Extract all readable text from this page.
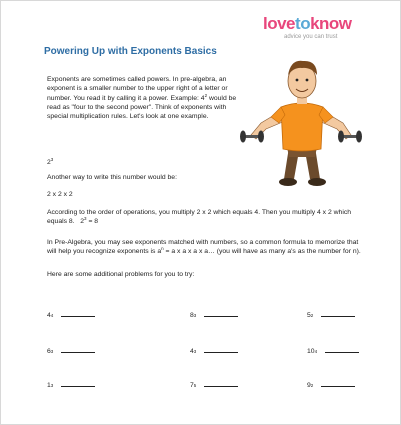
lovetoknow
advice you can trust
Powering Up with Exponents Basics

Exponents are sometimes called powers. In pre-algebra, an exponent is a smaller number to the upper right of a letter or number. You read it by calling it a power. Example: $4^2$ would be read as "four to the second power". Think of exponents with special multiplication rules. Let's look at one example.

$2^3$

Another way to write this number would be:

2 x 2 x 2

According to the order of operations, you multiply 2 x 2 which equals 4. Then you multiply 4 x 2 which equals 8. $2^3 = 8$

In Pre-Algebra, you may see exponents matched with numbers, so a common formula to memorize that will help you recognize exponents is $a^n = a$ x a x a x a… (you will have as many a's as the number for n).

Here are some additional problems for you to try:

4 4	8 3	5 2
6 3	4 3	10 4
1 3	7 5	9 2
